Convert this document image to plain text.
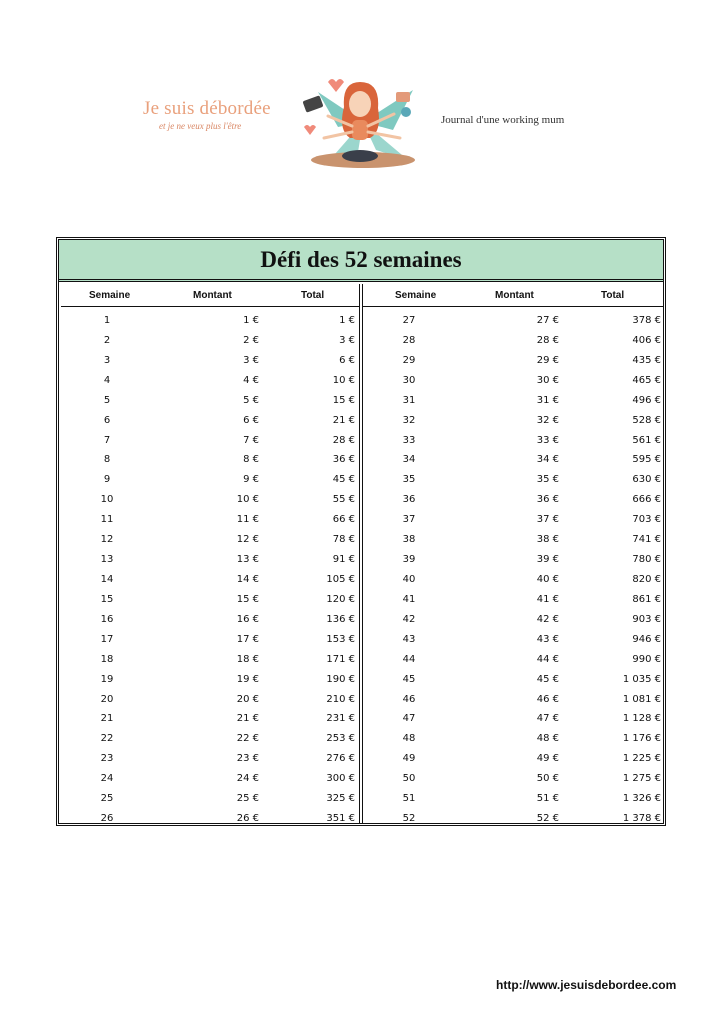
Je suis débordée
et je ne veux plus l'être	Journal d'une working mum
Défi des 52 semaines
Semaine	Montant	Total
1	1 €	1 €
2	2 €	3 €
3	3 €	6 €
4	4 €	10 €
5	5 €	15 €
6	6 €	21 €
7	7 €	28 €
8	8 €	36 €
9	9 €	45 €
10	10 €	55 €
11	11 €	66 €
12	12 €	78 €
13	13 €	91 €
14	14 €	105 €
15	15 €	120 €
16	16 €	136 €
17	17 €	153 €
18	18 €	171 €
19	19 €	190 €
20	20 €	210 €
21	21 €	231 €
22	22 €	253 €
23	23 €	276 €
24	24 €	300 €
25	25 €	325 €
26	26 €	351 €
Semaine	Montant	Total
27	27 €	378 €
28	28 €	406 €
29	29 €	435 €
30	30 €	465 €
31	31 €	496 €
32	32 €	528 €
33	33 €	561 €
34	34 €	595 €
35	35 €	630 €
36	36 €	666 €
37	37 €	703 €
38	38 €	741 €
39	39 €	780 €
40	40 €	820 €
41	41 €	861 €
42	42 €	903 €
43	43 €	946 €
44	44 €	990 €
45	45 €	1 035 €
46	46 €	1 081 €
47	47 €	1 128 €
48	48 €	1 176 €
49	49 €	1 225 €
50	50 €	1 275 €
51	51 €	1 326 €
52	52 €	1 378 €
http://www.jesuisdebordee.com
